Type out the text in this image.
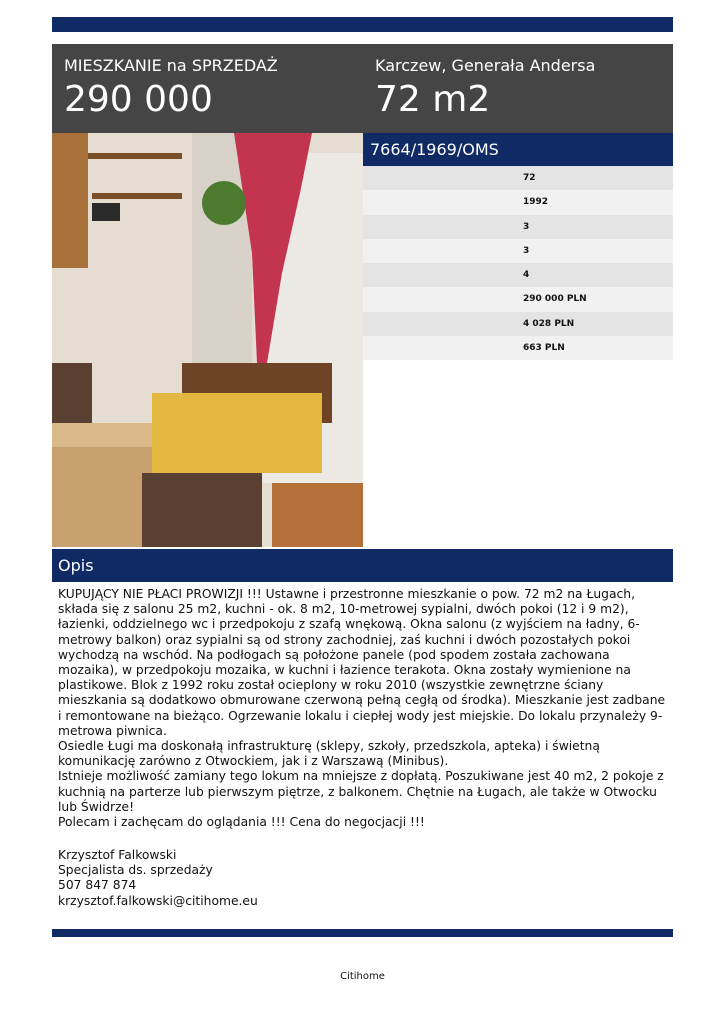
MIESZKANIE na SPRZEDAŻ
290 000
Karczew, Generała Andersa
72 m2
7664/1969/OMS
72
1992
3
3
4
290 000 PLN
4 028 PLN
663 PLN
Opis

KUPUJĄCY NIE PŁACI PROWIZJI !!! Ustawne i przestronne mieszkanie o pow. 72 m2 na Ługach, składa się z salonu 25 m2, kuchni - ok. 8 m2, 10-metrowej sypialni, dwóch pokoi (12 i 9 m2), łazienki, oddzielnego wc i przedpokoju z szafą wnękową. Okna salonu (z wyjściem na ładny, 6-metrowy balkon) oraz sypialni są od strony zachodniej, zaś kuchni i dwóch pozostałych pokoi wychodzą na wschód. Na podłogach są położone panele (pod spodem została zachowana mozaika), w przedpokoju mozaika, w kuchni i łazience terakota. Okna zostały wymienione na plastikowe. Blok z 1992 roku został ocieplony w roku 2010 (wszystkie zewnętrzne ściany mieszkania są dodatkowo obmurowane czerwoną pełną cegłą od środka). Mieszkanie jest zadbane i remontowane na bieżąco. Ogrzewanie lokalu i ciepłej wody jest miejskie. Do lokalu przynależy 9-metrowa piwnica.

Osiedle Ługi ma doskonałą infrastrukturę (sklepy, szkoły, przedszkola, apteka) i świetną komunikację zarówno z Otwockiem, jak i z Warszawą (Minibus).

Istnieje możliwość zamiany tego lokum na mniejsze z dopłatą. Poszukiwane jest 40 m2, 2 pokoje z kuchnią na parterze lub pierwszym piętrze, z balkonem. Chętnie na Ługach, ale także w Otwocku lub Świdrze!

Polecam i zachęcam do oglądania !!! Cena do negocjacji !!!

Krzysztof Falkowski
Specjalista ds. sprzedaży
507 847 874
krzysztof.falkowski@citihome.eu
Citihome
